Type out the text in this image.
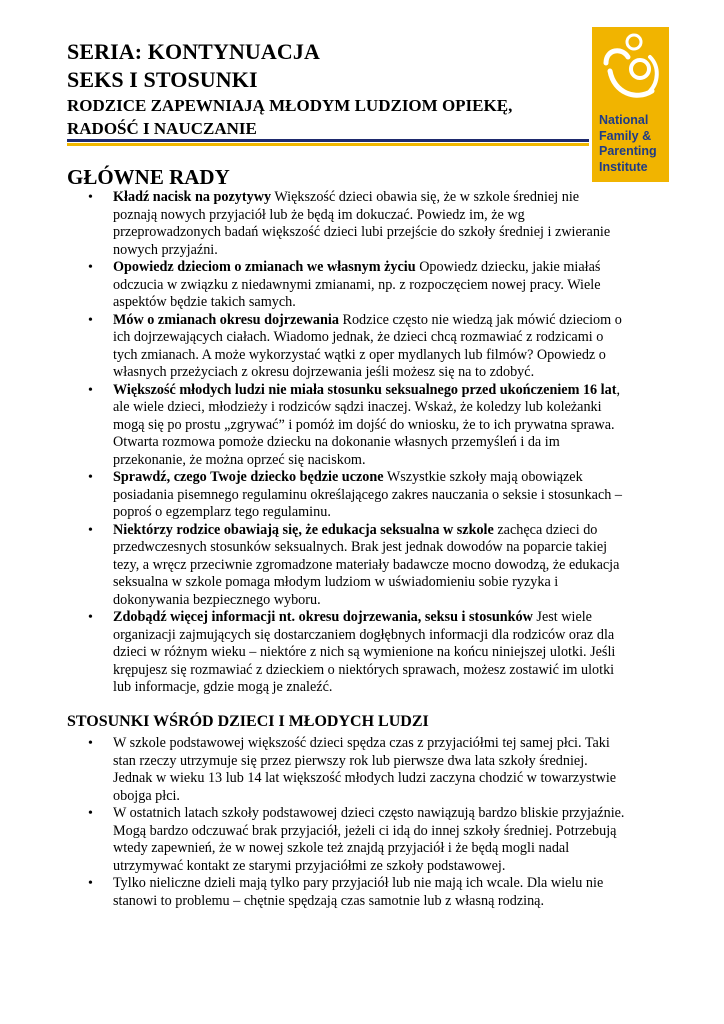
SERIA: KONTYNUACJA
SEKS I STOSUNKI
RODZICE ZAPEWNIAJĄ MŁODYM LUDZIOM OPIEKĘ,
RADOŚĆ I NAUCZANIE	National
Family &
Parenting
Institute
GŁÓWNE RADY
• Kładź nacisk na pozytywy Większość dzieci obawia się, że w szkole średniej nie poznają nowych przyjaciół lub że będą im dokuczać. Powiedz im, że wg przeprowadzonych badań większość dzieci lubi przejście do szkoły średniej i zwieranie nowych przyjaźni.
• Opowiedz dzieciom o zmianach we własnym życiu Opowiedz dziecku, jakie miałaś odczucia w związku z niedawnymi zmianami, np. z rozpoczęciem nowej pracy. Wiele aspektów będzie takich samych.
• Mów o zmianach okresu dojrzewania Rodzice często nie wiedzą jak mówić dzieciom o ich dojrzewających ciałach. Wiadomo jednak, że dzieci chcą rozmawiać z rodzicami o tych zmianach. A może wykorzystać wątki z oper mydlanych lub filmów? Opowiedz o własnych przeżyciach z okresu dojrzewania jeśli możesz się na to zdobyć.
• Większość młodych ludzi nie miała stosunku seksualnego przed ukończeniem 16 lat, ale wiele dzieci, młodzieży i rodziców sądzi inaczej. Wskaż, że koledzy lub koleżanki mogą się po prostu „zgrywać” i pomóż im dojść do wniosku, że to ich prywatna sprawa. Otwarta rozmowa pomoże dziecku na dokonanie własnych przemyśleń i da im przekonanie, że można oprzeć się naciskom.
• Sprawdź, czego Twoje dziecko będzie uczone Wszystkie szkoły mają obowiązek posiadania pisemnego regulaminu określającego zakres nauczania o seksie i stosunkach – poproś o egzemplarz tego regulaminu.
• Niektórzy rodzice obawiają się, że edukacja seksualna w szkole zachęca dzieci do przedwczesnych stosunków seksualnych. Brak jest jednak dowodów na poparcie takiej tezy, a wręcz przeciwnie zgromadzone materiały badawcze mocno dowodzą, że edukacja seksualna w szkole pomaga młodym ludziom w uświadomieniu sobie ryzyka i dokonywania bezpiecznego wyboru.
• Zdobądź więcej informacji nt. okresu dojrzewania, seksu i stosunków Jest wiele organizacji zajmujących się dostarczaniem dogłębnych informacji dla rodziców oraz dla dzieci w różnym wieku – niektóre z nich są wymienione na końcu niniejszej ulotki. Jeśli krępujesz się rozmawiać z dzieckiem o niektórych sprawach, możesz zostawić im ulotki lub informacje, gdzie mogą je znaleźć.
STOSUNKI WŚRÓD DZIECI I MŁODYCH LUDZI
• W szkole podstawowej większość dzieci spędza czas z przyjaciółmi tej samej płci. Taki stan rzeczy utrzymuje się przez pierwszy rok lub pierwsze dwa lata szkoły średniej. Jednak w wieku 13 lub 14 lat większość młodych ludzi zaczyna chodzić w towarzystwie obojga płci.
• W ostatnich latach szkoły podstawowej dzieci często nawiązują bardzo bliskie przyjaźnie. Mogą bardzo odczuwać brak przyjaciół, jeżeli ci idą do innej szkoły średniej. Potrzebują wtedy zapewnień, że w nowej szkole też znajdą przyjaciół i że będą mogli nadal utrzymywać kontakt ze starymi przyjaciółmi ze szkoły podstawowej.
• Tylko nieliczne dzieli mają tylko pary przyjaciół lub nie mają ich wcale. Dla wielu nie stanowi to problemu – chętnie spędzają czas samotnie lub z własną rodziną.
